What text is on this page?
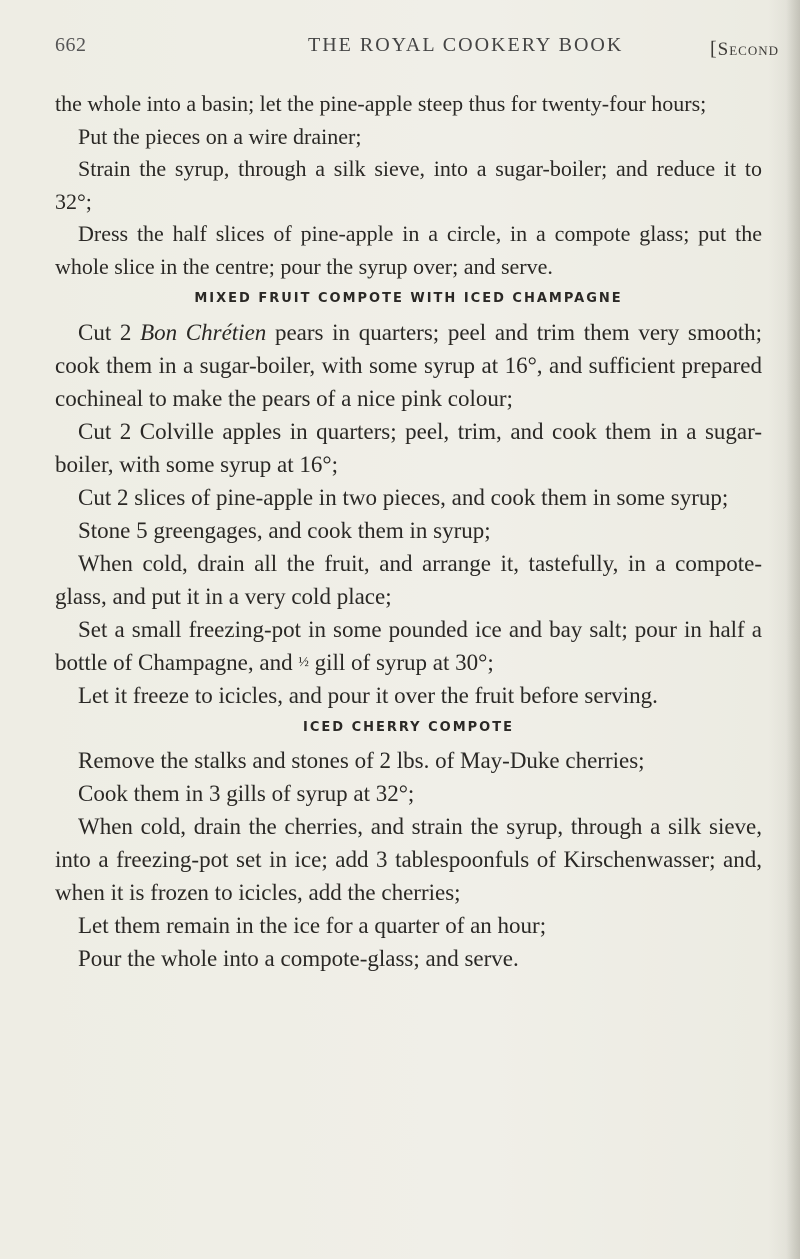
662	THE ROYAL COOKERY BOOK	[Second

the whole into a basin; let the pine-apple steep thus for twenty-four hours;

Put the pieces on a wire drainer;

Strain the syrup, through a silk sieve, into a sugar-boiler; and reduce it to 32°;

Dress the half slices of pine-apple in a circle, in a compote glass; put the whole slice in the centre; pour the syrup over; and serve.

MIXED FRUIT COMPOTE WITH ICED CHAMPAGNE

Cut 2 Bon Chrétien pears in quarters; peel and trim them very smooth; cook them in a sugar-boiler, with some syrup at 16°, and sufficient prepared cochineal to make the pears of a nice pink colour;

Cut 2 Colville apples in quarters; peel, trim, and cook them in a sugar-boiler, with some syrup at 16°;

Cut 2 slices of pine-apple in two pieces, and cook them in some syrup;

Stone 5 greengages, and cook them in syrup;

When cold, drain all the fruit, and arrange it, tastefully, in a compote-glass, and put it in a very cold place;

Set a small freezing-pot in some pounded ice and bay salt; pour in half a bottle of Champagne, and ½ gill of syrup at 30°;

Let it freeze to icicles, and pour it over the fruit before serving.

ICED CHERRY COMPOTE

Remove the stalks and stones of 2 lbs. of May-Duke cherries;

Cook them in 3 gills of syrup at 32°;

When cold, drain the cherries, and strain the syrup, through a silk sieve, into a freezing-pot set in ice; add 3 tablespoonfuls of Kirschenwasser; and, when it is frozen to icicles, add the cherries;

Let them remain in the ice for a quarter of an hour;

Pour the whole into a compote-glass; and serve.
